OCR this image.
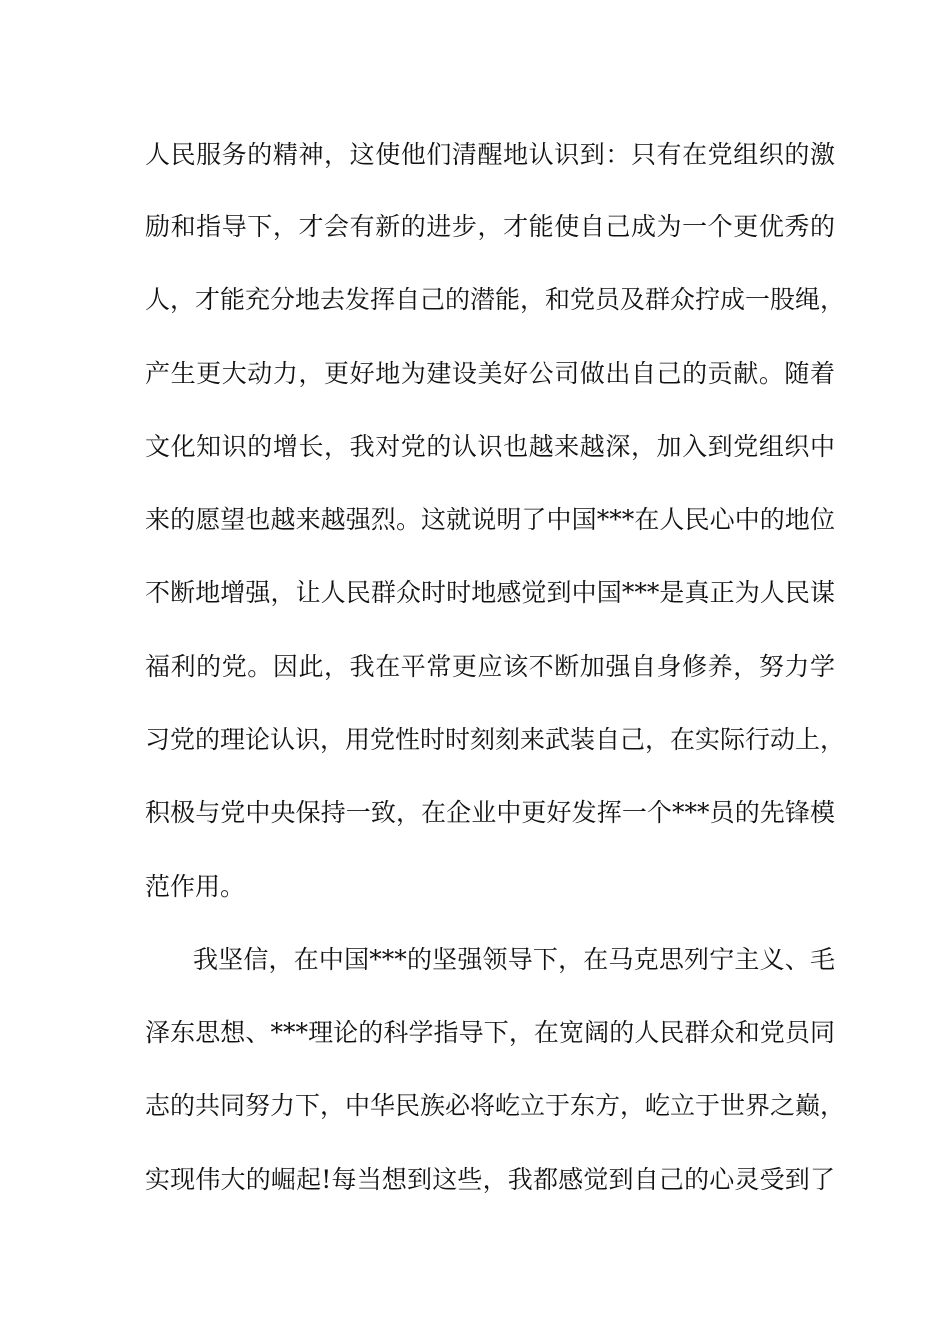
人民服务的精神，这使他们清醒地认识到：只有在党组织的激
励和指导下，才会有新的进步，才能使自己成为一个更优秀的
人，才能充分地去发挥自己的潜能，和党员及群众拧成一股绳，
产生更大动力，更好地为建设美好公司做出自己的贡献。随着
文化知识的增长，我对党的认识也越来越深，加入到党组织中
来的愿望也越来越强烈。这就说明了中国***在人民心中的地位
不断地增强，让人民群众时时地感觉到中国***是真正为人民谋
福利的党。因此，我在平常更应该不断加强自身修养，努力学
习党的理论认识，用党性时时刻刻来武装自己，在实际行动上，
积极与党中央保持一致，在企业中更好发挥一个***员的先锋模
范作用。
我坚信，在中国***的坚强领导下，在马克思列宁主义、毛
泽东思想、***理论的科学指导下，在宽阔的人民群众和党员同
志的共同努力下，中华民族必将屹立于东方，屹立于世界之巅，
实现伟大的崛起!每当想到这些，我都感觉到自己的心灵受到了
